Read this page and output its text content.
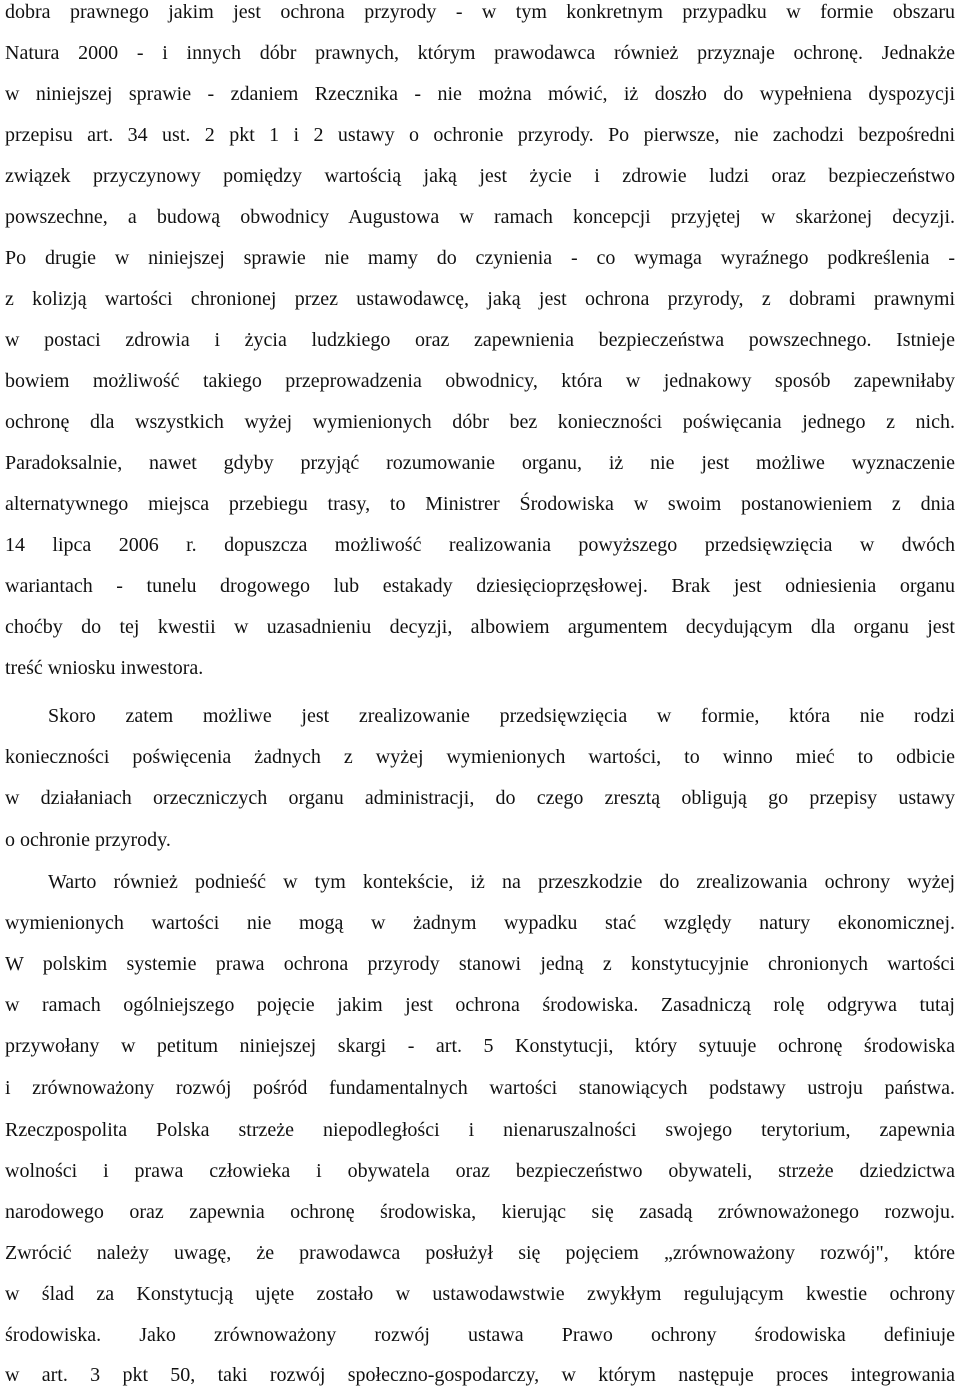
dobra prawnego jakim jest ochrona przyrody - w tym konkretnym przypadku w formie obszaru
Natura 2000 - i innych dóbr prawnych, którym prawodawca również przyznaje ochronę. Jednakże
w niniejszej sprawie - zdaniem Rzecznika - nie można mówić, iż doszło do wypełniena dyspozycji
przepisu art. 34 ust. 2 pkt 1 i 2 ustawy o ochronie przyrody. Po pierwsze, nie zachodzi bezpośredni
związek przyczynowy pomiędzy wartością jaką jest życie i zdrowie ludzi oraz bezpieczeństwo
powszechne, a budową obwodnicy Augustowa w ramach koncepcji przyjętej w skarżonej decyzji.
Po drugie w niniejszej sprawie nie mamy do czynienia - co wymaga wyraźnego podkreślenia -
z kolizją wartości chronionej przez ustawodawcę, jaką jest ochrona przyrody, z dobrami prawnymi
w postaci zdrowia i życia ludzkiego oraz zapewnienia bezpieczeństwa powszechnego. Istnieje
bowiem możliwość takiego przeprowadzenia obwodnicy, która w jednakowy sposób zapewniłaby
ochronę dla wszystkich wyżej wymienionych dóbr bez konieczności poświęcania jednego z nich.
Paradoksalnie, nawet gdyby przyjąć rozumowanie organu, iż nie jest możliwe wyznaczenie
alternatywnego miejsca przebiegu trasy, to Ministrer Środowiska w swoim postanowieniem z dnia
14 lipca 2006 r. dopuszcza możliwość realizowania powyższego przedsięwzięcia w dwóch
wariantach - tunelu drogowego lub estakady dziesięcioprzęsłowej. Brak jest odniesienia organu
choćby do tej kwestii w uzasadnieniu decyzji, albowiem argumentem decydującym dla organu jest
treść wniosku inwestora.
Skoro zatem możliwe jest zrealizowanie przedsięwzięcia w formie, która nie rodzi
konieczności poświęcenia żadnych z wyżej wymienionych wartości, to winno mieć to odbicie
w działaniach orzeczniczych organu administracji, do czego zresztą obligują go przepisy ustawy
o ochronie przyrody.
Warto również podnieść w tym kontekście, iż na przeszkodzie do zrealizowania ochrony wyżej
wymienionych wartości nie mogą w żadnym wypadku stać względy natury ekonomicznej.
W polskim systemie prawa ochrona przyrody stanowi jedną z konstytucyjnie chronionych wartości
w ramach ogólniejszego pojęcie jakim jest ochrona środowiska. Zasadniczą rolę odgrywa tutaj
przywołany w petitum niniejszej skargi - art. 5 Konstytucji, który sytuuje ochronę środowiska
i zrównoważony rozwój pośród fundamentalnych wartości stanowiących podstawy ustroju państwa.
Rzeczpospolita Polska strzeże niepodległości i nienaruszalności swojego terytorium, zapewnia
wolności i prawa człowieka i obywatela oraz bezpieczeństwo obywateli, strzeże dziedzictwa
narodowego oraz zapewnia ochronę środowiska, kierując się zasadą zrównoważonego rozwoju.
Zwrócić należy uwagę, że prawodawca posłużył się pojęciem „zrównoważony rozwój", które
w ślad za Konstytucją ujęte zostało w ustawodawstwie zwykłym regulującym kwestie ochrony
środowiska. Jako zrównoważony rozwój ustawa Prawo ochrony środowiska definiuje
w art. 3 pkt 50, taki rozwój społeczno-gospodarczy, w którym następuje proces integrowania
